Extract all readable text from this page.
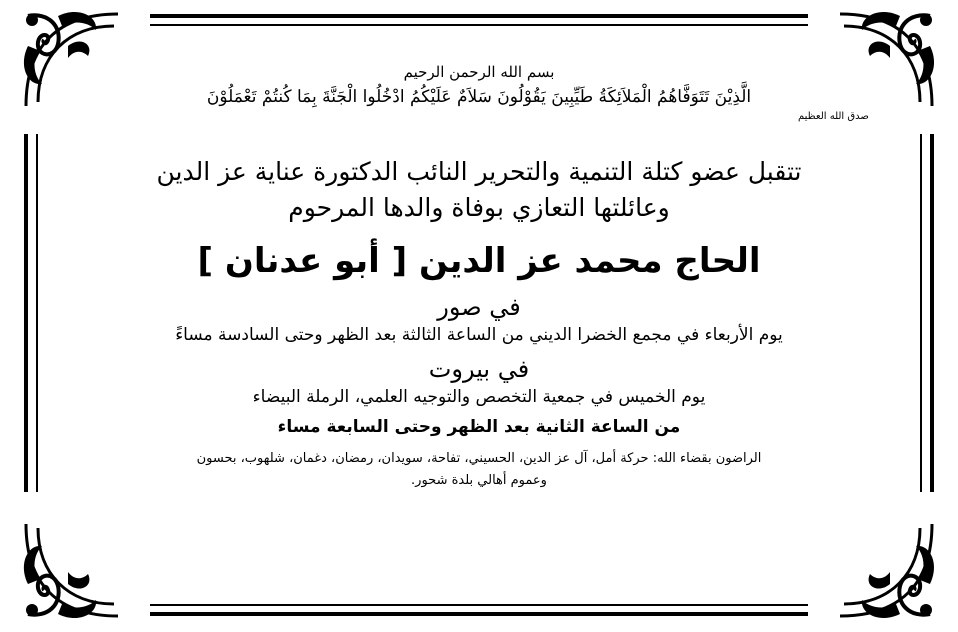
بسم الله الرحمن الرحيم
الَّذِيْنَ تَتَوَفَّاهُمُ الْمَلاَئِكَةُ طَيِّبِينَ يَقُوْلُونَ سَلاَمٌ عَلَيْكُمُ ادْخُلُوا الْجَنَّةَ بِمَا كُنتُمْ تَعْمَلُوْنَ
صدق الله العظيم
تتقبل عضو كتلة التنمية والتحرير النائب الدكتورة عناية عز الدين
وعائلتها التعازي بوفاة والدها المرحوم
الحاج محمد عز الدين [ أبو عدنان ]
في صور
يوم الأربعاء في مجمع الخضرا الديني من الساعة الثالثة بعد الظهر وحتى السادسة مساءً
في بيروت
يوم الخميس في جمعية التخصص والتوجيه العلمي، الرملة البيضاء
من الساعة الثانية بعد الظهر وحتى السابعة مساء
الراضون بقضاء الله: حركة أمل، آل عز الدين، الحسيني، تفاحة، سويدان، رمضان، دغمان، شلهوب، بحسون
وعموم أهالي بلدة شحور.
